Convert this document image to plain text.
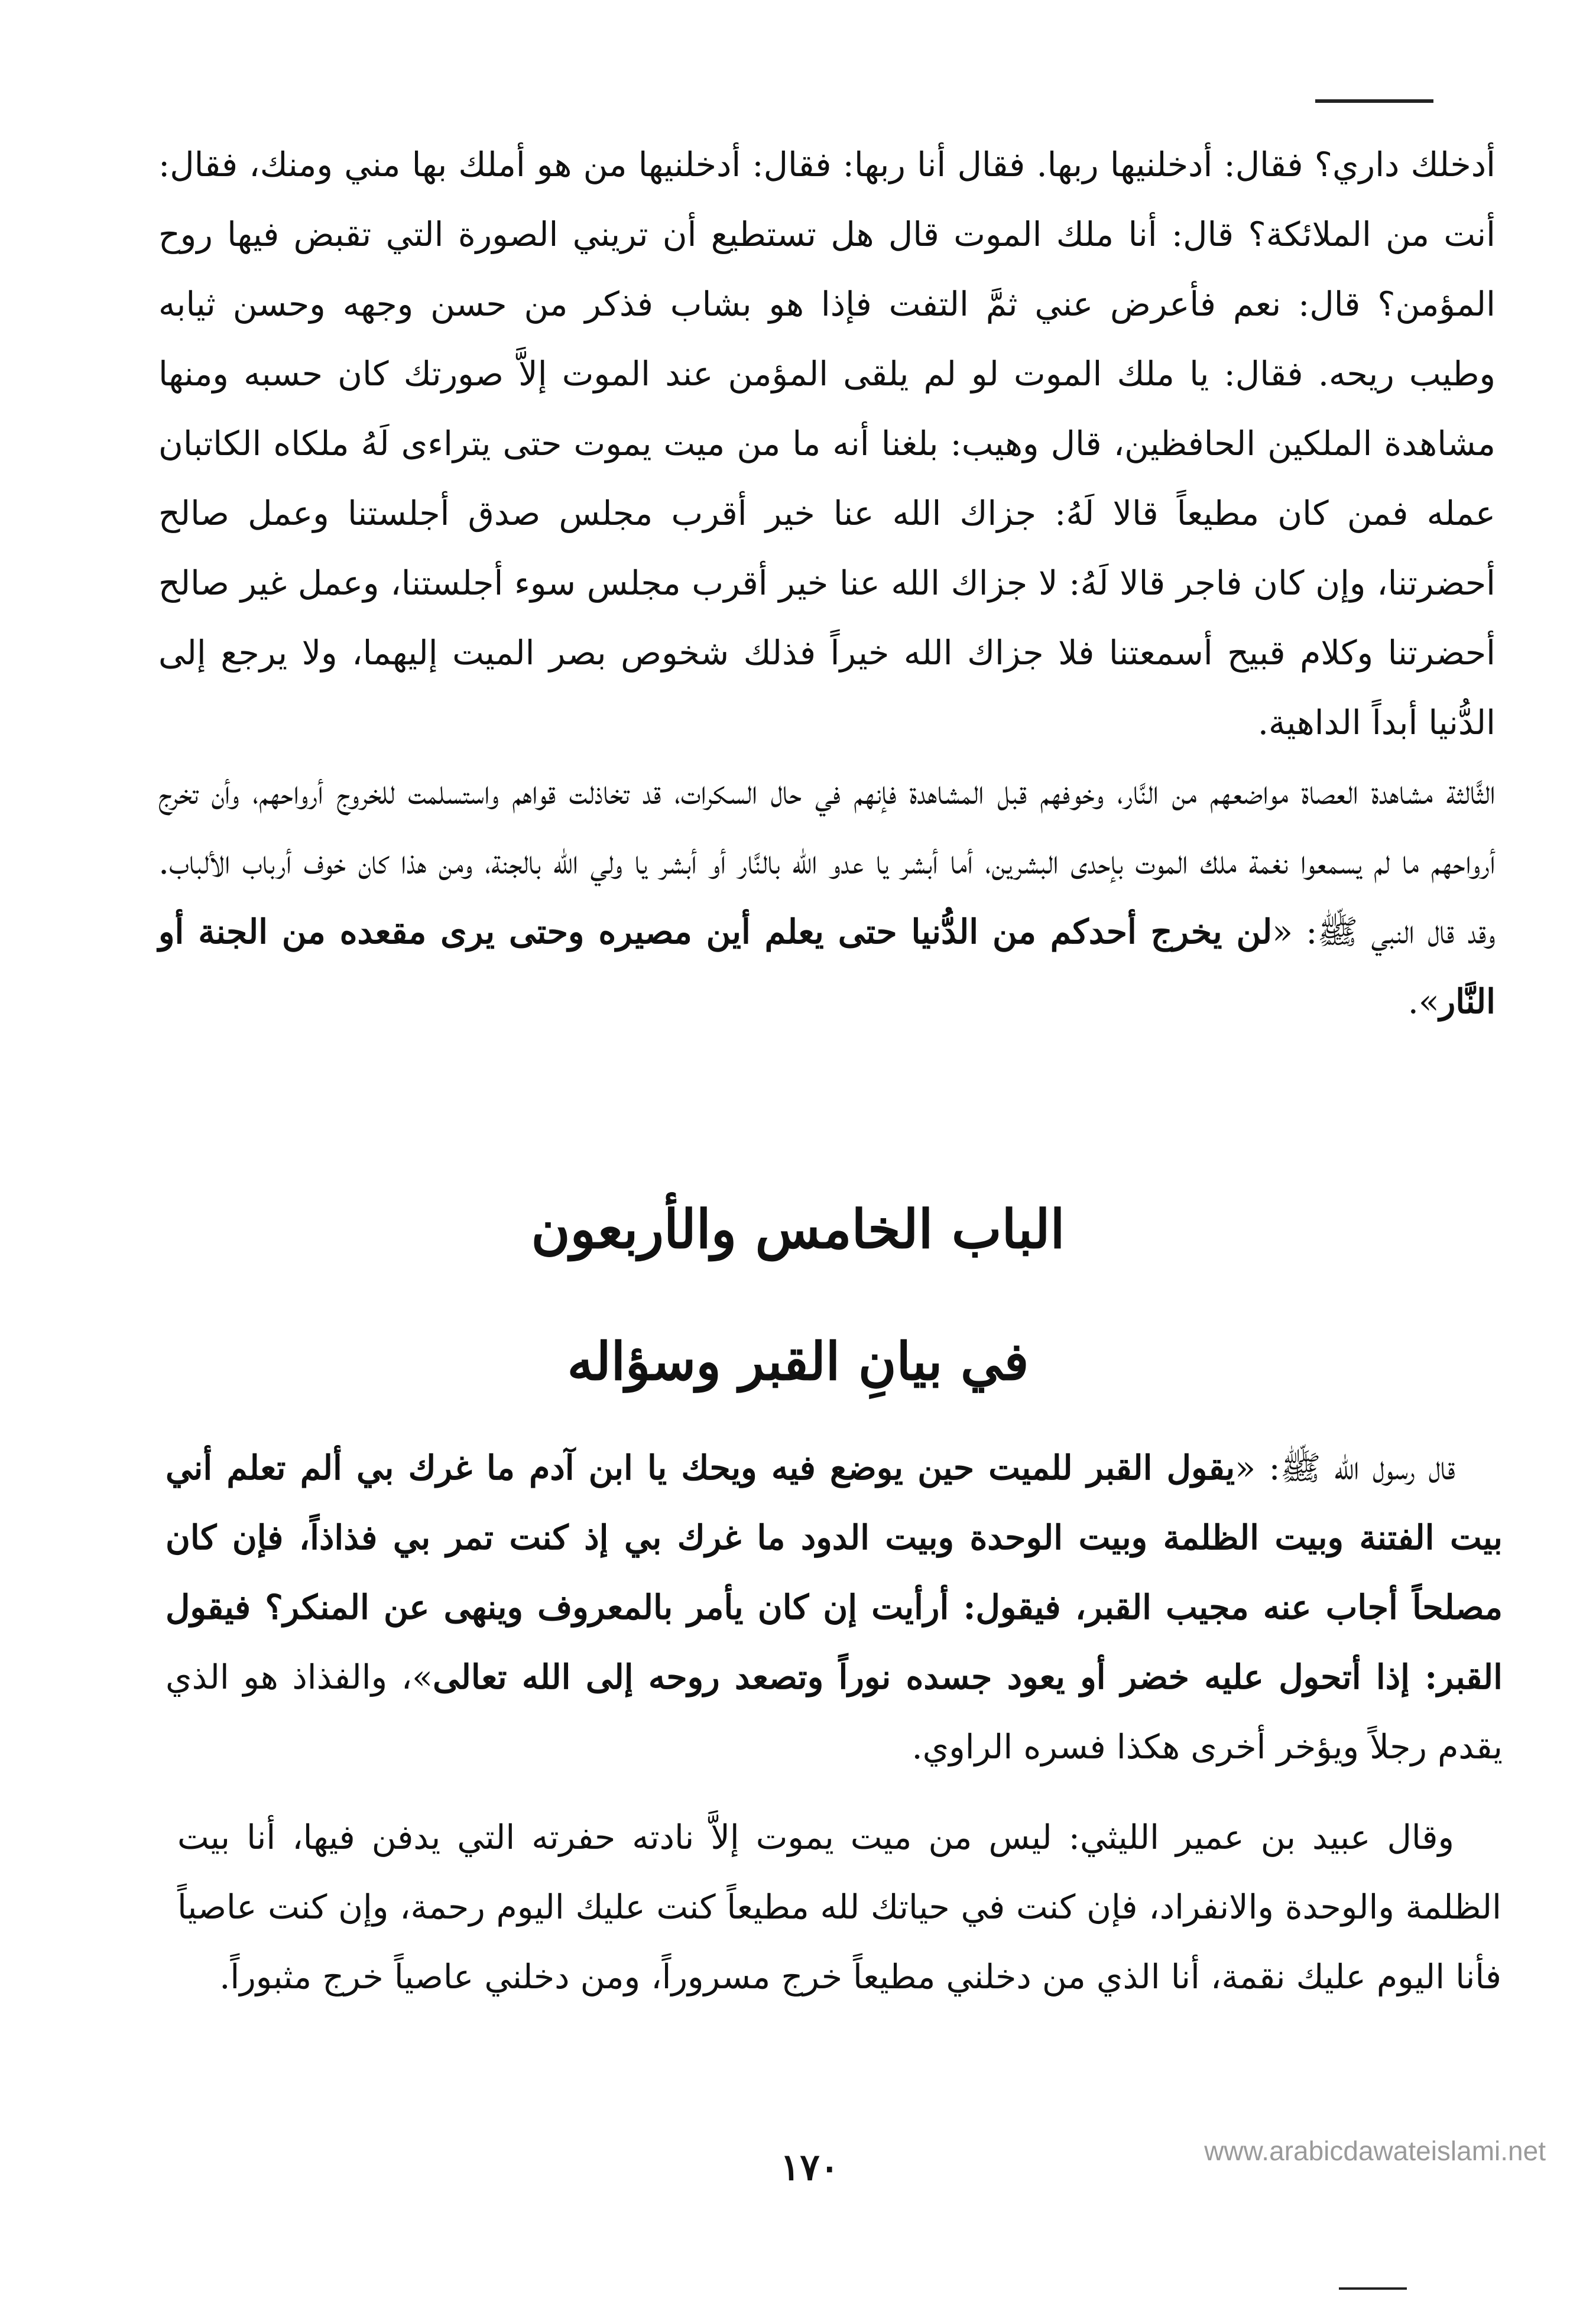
أدخلك داري؟ فقال: أدخلنيها ربها. فقال أنا ربها: فقال: أدخلنيها من هو أملك بها مني ومنك، فقال: أنت من الملائكة؟ قال: أنا ملك الموت قال هل تستطيع أن تريني الصورة التي تقبض فيها روح المؤمن؟ قال: نعم فأعرض عني ثمَّ التفت فإذا هو بشاب فذكر من حسن وجهه وحسن ثيابه وطيب ريحه. فقال: يا ملك الموت لو لم يلقى المؤمن عند الموت إلاَّ صورتك كان حسبه ومنها مشاهدة الملكين الحافظين، قال وهيب: بلغنا أنه ما من ميت يموت حتى يتراءى لَهُ ملكاه الكاتبان عمله فمن كان مطيعاً قالا لَهُ: جزاك الله عنا خير أقرب مجلس صدق أجلستنا وعمل صالح أحضرتنا، وإن كان فاجر قالا لَهُ: لا جزاك الله عنا خير أقرب مجلس سوء أجلستنا، وعمل غير صالح أحضرتنا وكلام قبيح أسمعتنا فلا جزاك الله خيراً فذلك شخوص بصر الميت إليهما، ولا يرجع إلى الدُّنيا أبداً الداهية.

الثَّالثة مشاهدة العصاة مواضعهم من النَّار، وخوفهم قبل المشاهدة فإنهم في حال السكرات، قد تخاذلت قواهم واستسلمت للخروج أرواحهم، وأن تخرج أرواحهم ما لم يسمعوا نغمة ملك الموت بإحدى البشرين، أما أبشر يا عدو الله بالنَّار أو أبشر يا ولي الله بالجنة، ومن هذا كان خوف أرباب الألباب. وقد قال النبي ﷺ: «لن يخرج أحدكم من الدُّنيا حتى يعلم أين مصيره وحتى يرى مقعده من الجنة أو النَّار».

الباب الخامس والأربعون
في بيانِ القبر وسؤاله

قال رسول الله ﷺ: «يقول القبر للميت حين يوضع فيه ويحك يا ابن آدم ما غرك بي ألم تعلم أني بيت الفتنة وبيت الظلمة وبيت الوحدة وبيت الدود ما غرك بي إذ كنت تمر بي فذاذاً، فإن كان مصلحاً أجاب عنه مجيب القبر، فيقول: أرأيت إن كان يأمر بالمعروف وينهى عن المنكر؟ فيقول القبر: إذا أتحول عليه خضر أو يعود جسده نوراً وتصعد روحه إلى الله تعالى»، والفذاذ هو الذي يقدم رجلاً ويؤخر أخرى هكذا فسره الراوي.

وقال عبيد بن عمير الليثي: ليس من ميت يموت إلاَّ نادته حفرته التي يدفن فيها، أنا بيت الظلمة والوحدة والانفراد، فإن كنت في حياتك لله مطيعاً كنت عليك اليوم رحمة، وإن كنت عاصياً فأنا اليوم عليك نقمة، أنا الذي من دخلني مطيعاً خرج مسروراً، ومن دخلني عاصياً خرج مثبوراً.

١٧٠	www.arabicdawateislami.net
